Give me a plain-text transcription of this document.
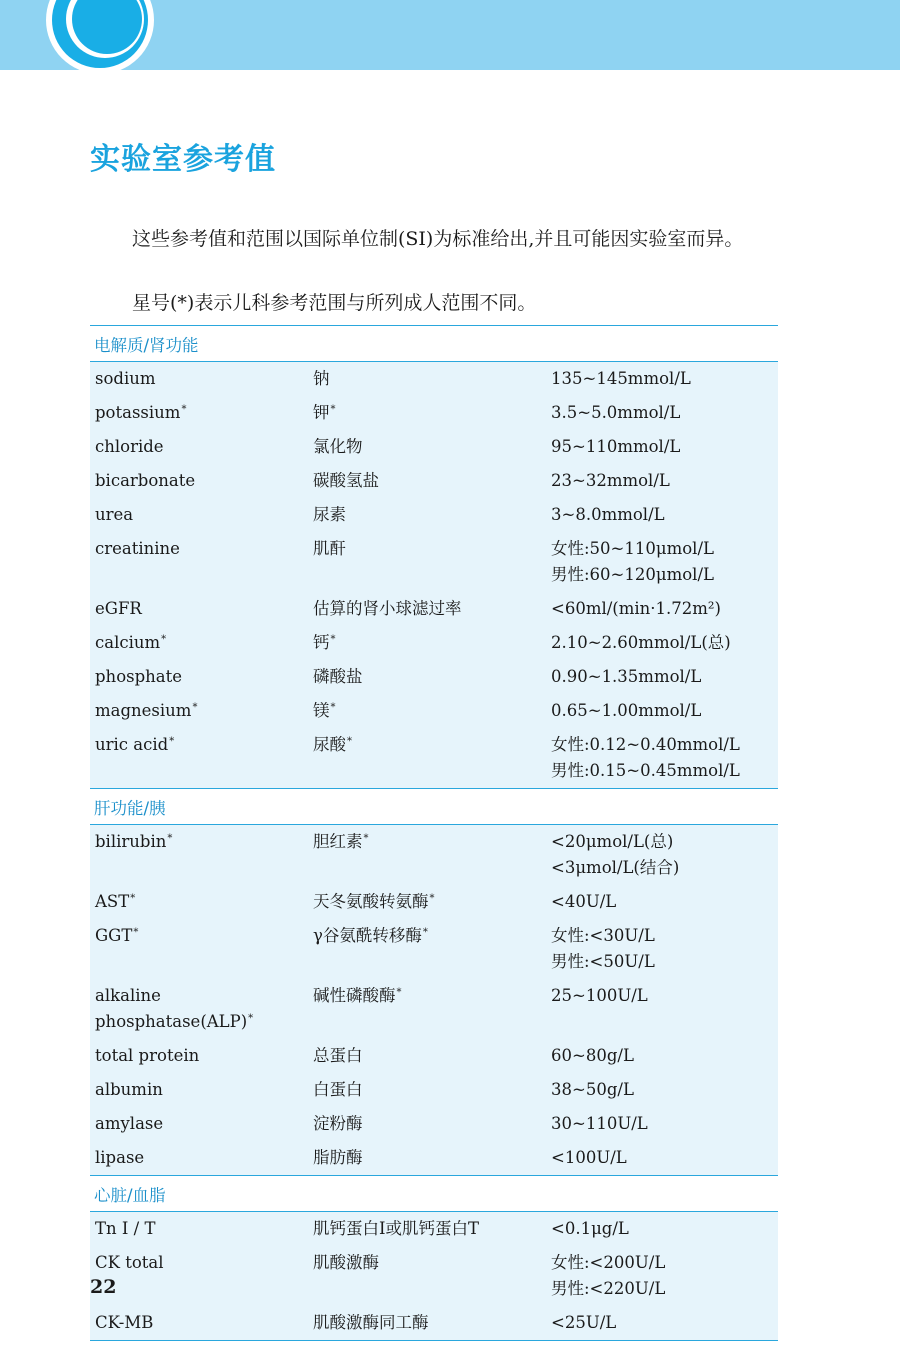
实验室参考值

这些参考值和范围以国际单位制(SI)为标准给出,并且可能因实验室而异。

星号(*)表示儿科参考范围与所列成人范围不同。

电解质/肾功能		
sodium	钠	135~145mmol/L

potassium*	钾*	3.5~5.0mmol/L

chloride	氯化物	95~110mmol/L

bicarbonate	碳酸氢盐	23~32mmol/L

urea	尿素	3~8.0mmol/L

creatinine	肌酐	女性:50~110μmol/L
男性:60~120μmol/L

eGFR	估算的肾小球滤过率	<60ml/(min·1.72m²)

calcium*	钙*	2.10~2.60mmol/L(总)

phosphate	磷酸盐	0.90~1.35mmol/L

magnesium*	镁*	0.65~1.00mmol/L

uric acid*	尿酸*	女性:0.12~0.40mmol/L
男性:0.15~0.45mmol/L

肝功能/胰		
bilirubin*	胆红素*	<20μmol/L(总)
<3μmol/L(结合)

AST*	天冬氨酸转氨酶*	<40U/L

GGT*	γ谷氨酰转移酶*	女性:<30U/L
男性:<50U/L

alkaline phosphatase(ALP)*	碱性磷酸酶*	25~100U/L

total protein	总蛋白	60~80g/L

albumin	白蛋白	38~50g/L

amylase	淀粉酶	30~110U/L

lipase	脂肪酶	<100U/L

心脏/血脂		
Tn I / T	肌钙蛋白I或肌钙蛋白T	<0.1μg/L

CK total	肌酸激酶	女性:<200U/L
男性:<220U/L

CK-MB	肌酸激酶同工酶	<25U/L
22
